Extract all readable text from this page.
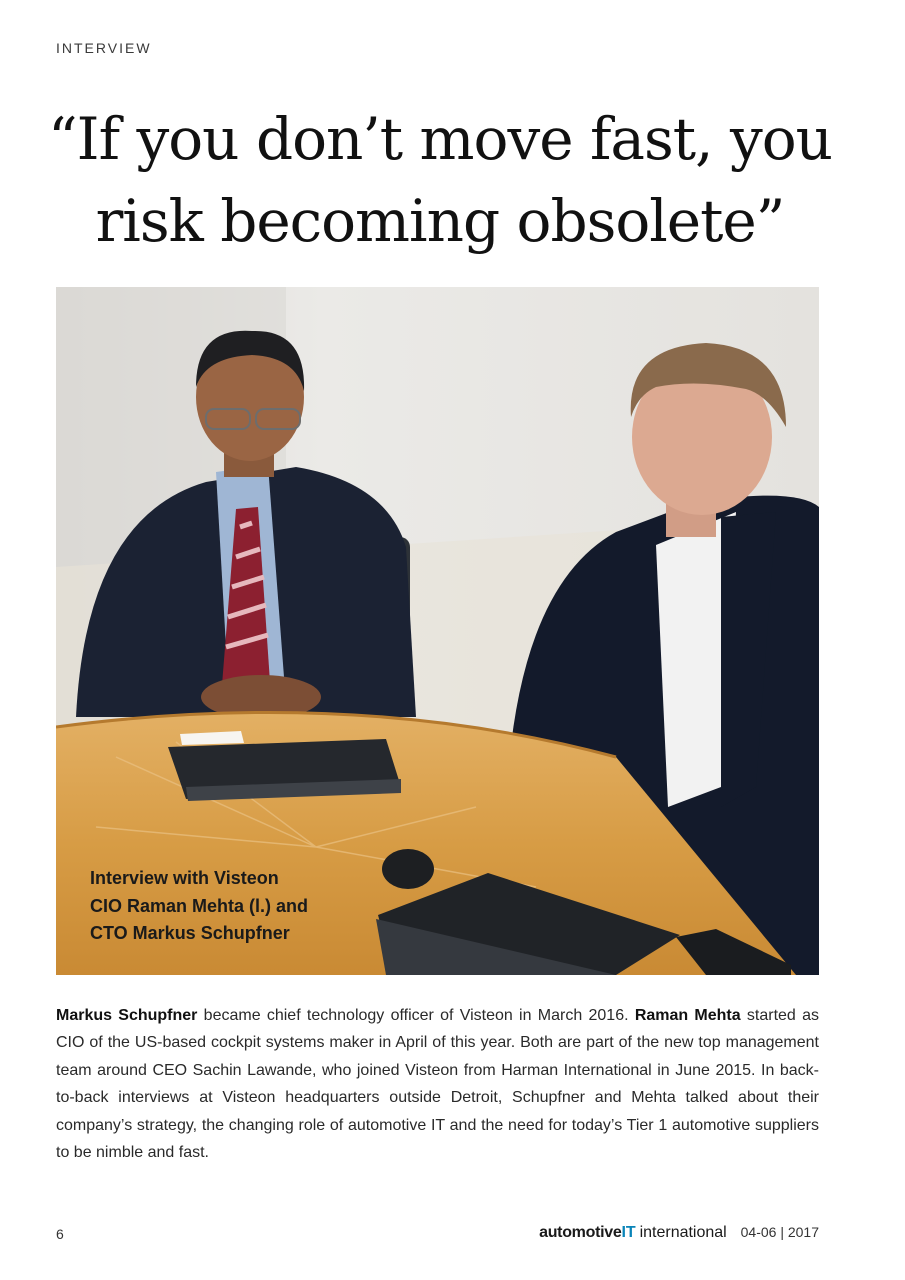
INTERVIEW
“If you don’t move fast, you
risk becoming obsolete”
Interview with Visteon
CIO Raman Mehta (l.) and
CTO Markus Schupfner

Markus Schupfner became chief technology officer of Visteon in March 2016. Raman Mehta started as CIO of the US-based cockpit systems maker in April of this year. Both are part of the new top management team around CEO Sachin Lawande, who joined Visteon from Harman International in June 2015. In back-to-back interviews at Visteon headquarters outside Detroit, Schupfner and Mehta talked about their company’s strategy, the changing role of automotive IT and the need for today’s Tier 1 automotive suppliers to be nimble and fast.

6	automotiveIT international 04-06 | 2017
